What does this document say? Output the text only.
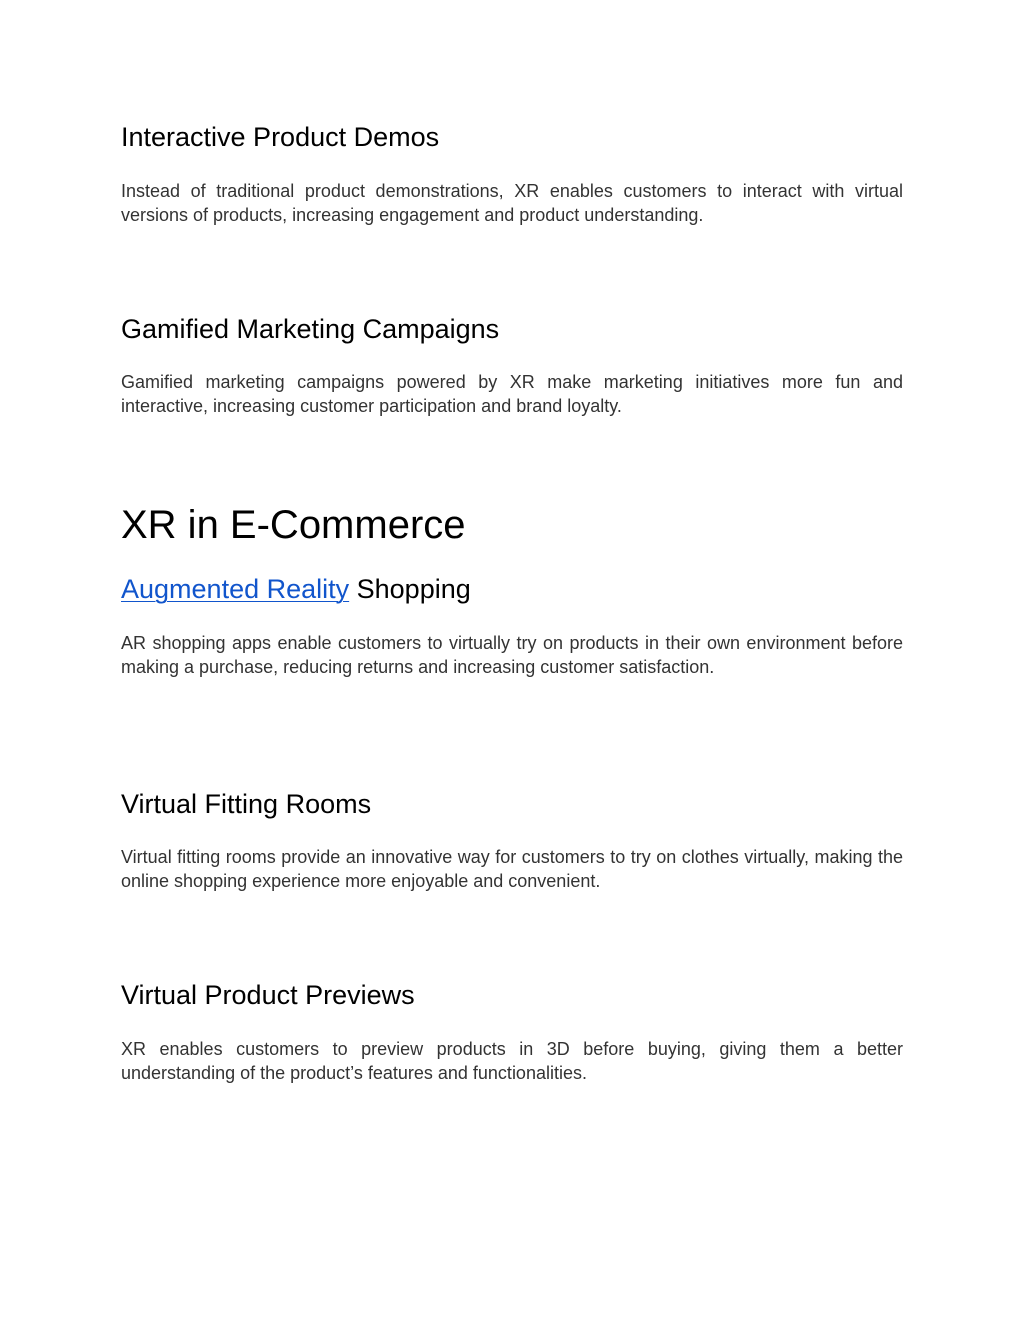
Interactive Product Demos

Instead of traditional product demonstrations, XR enables customers to interact with virtual versions of products, increasing engagement and product understanding.

Gamified Marketing Campaigns

Gamified marketing campaigns powered by XR make marketing initiatives more fun and interactive, increasing customer participation and brand loyalty.

XR in E-Commerce
Augmented Reality Shopping

AR shopping apps enable customers to virtually try on products in their own environment before making a purchase, reducing returns and increasing customer satisfaction.

Virtual Fitting Rooms

Virtual fitting rooms provide an innovative way for customers to try on clothes virtually, making the online shopping experience more enjoyable and convenient.

Virtual Product Previews

XR enables customers to preview products in 3D before buying, giving them a better understanding of the product’s features and functionalities.
